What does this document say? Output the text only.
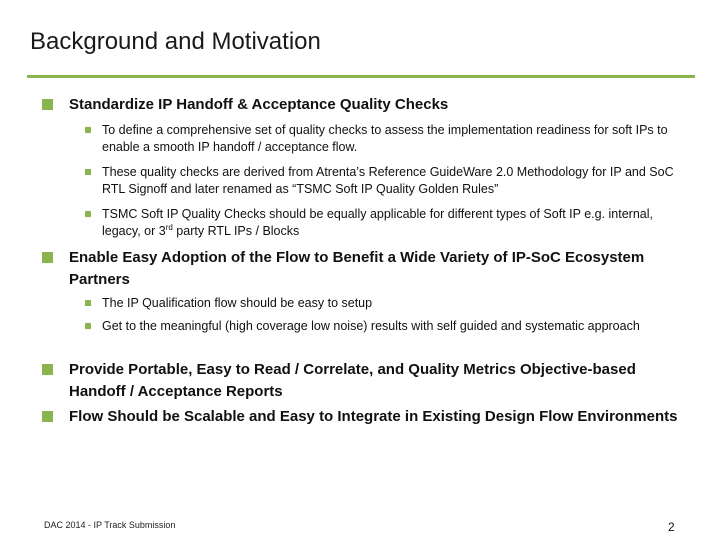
Background and Motivation
Standardize IP Handoff & Acceptance Quality Checks
To define a comprehensive set of quality checks to assess the implementation readiness for soft IPs to enable a smooth IP handoff / acceptance flow.
These quality checks are derived from Atrenta’s Reference GuideWare 2.0 Methodology for IP and SoC RTL Signoff and later renamed as “TSMC Soft IP Quality Golden Rules”
TSMC Soft IP Quality Checks should be equally applicable for different types of Soft IP e.g. internal, legacy, or 3rd party RTL IPs / Blocks
Enable Easy Adoption of the Flow to Benefit a Wide Variety of IP-SoC Ecosystem Partners
The IP Qualification flow should be easy to setup
Get to the meaningful (high coverage low noise) results with self guided and systematic approach
Provide Portable, Easy to Read / Correlate, and Quality Metrics Objective-based Handoff / Acceptance Reports
Flow Should be Scalable and Easy to Integrate in Existing Design Flow Environments
DAC 2014 - IP Track Submission	2
